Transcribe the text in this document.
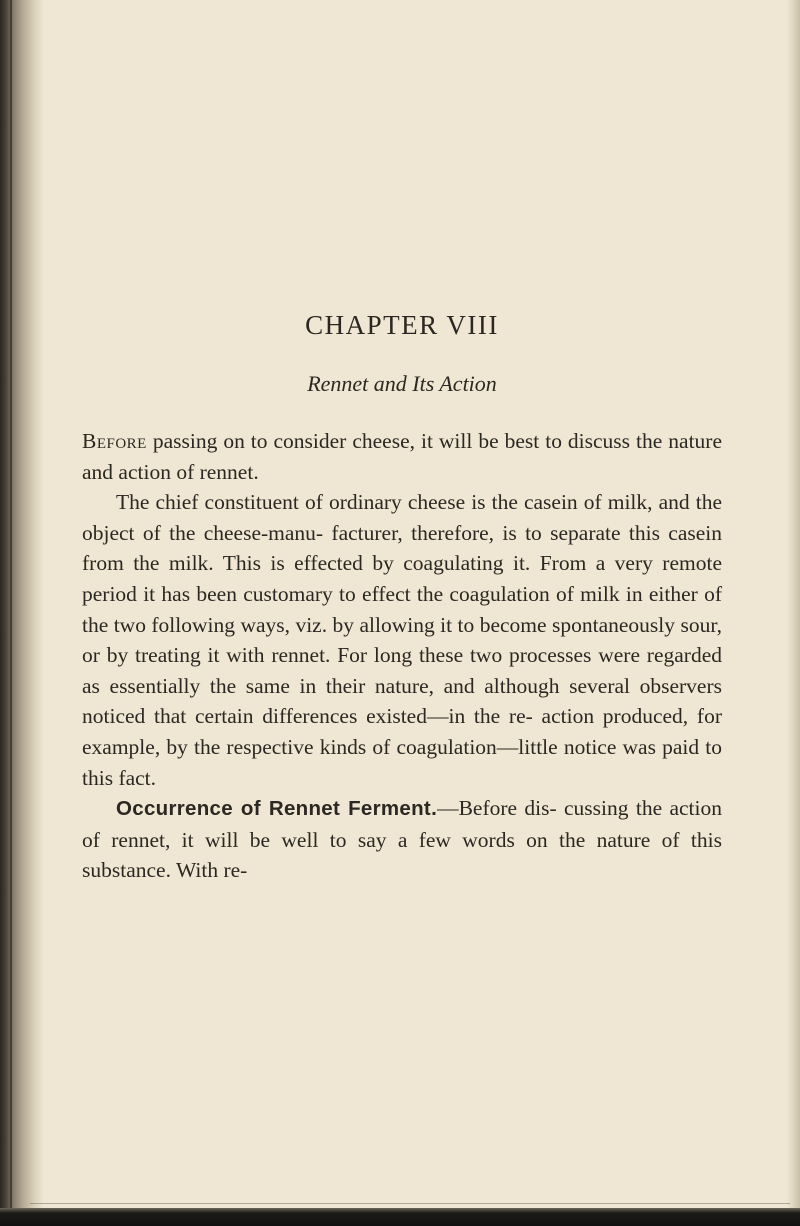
CHAPTER VIII
Rennet and Its Action

Before passing on to consider cheese, it will be best to discuss the nature and action of rennet.

The chief constituent of ordinary cheese is the casein of milk, and the object of the cheese-manu- facturer, therefore, is to separate this casein from the milk. This is effected by coagulating it. From a very remote period it has been customary to effect the coagulation of milk in either of the two following ways, viz. by allowing it to become spontaneously sour, or by treating it with rennet. For long these two processes were regarded as essentially the same in their nature, and although several observers noticed that certain differences existed—in the re- action produced, for example, by the respective kinds of coagulation—little notice was paid to this fact.

Occurrence of Rennet Ferment.—Before dis- cussing the action of rennet, it will be well to say a few words on the nature of this substance. With re-
